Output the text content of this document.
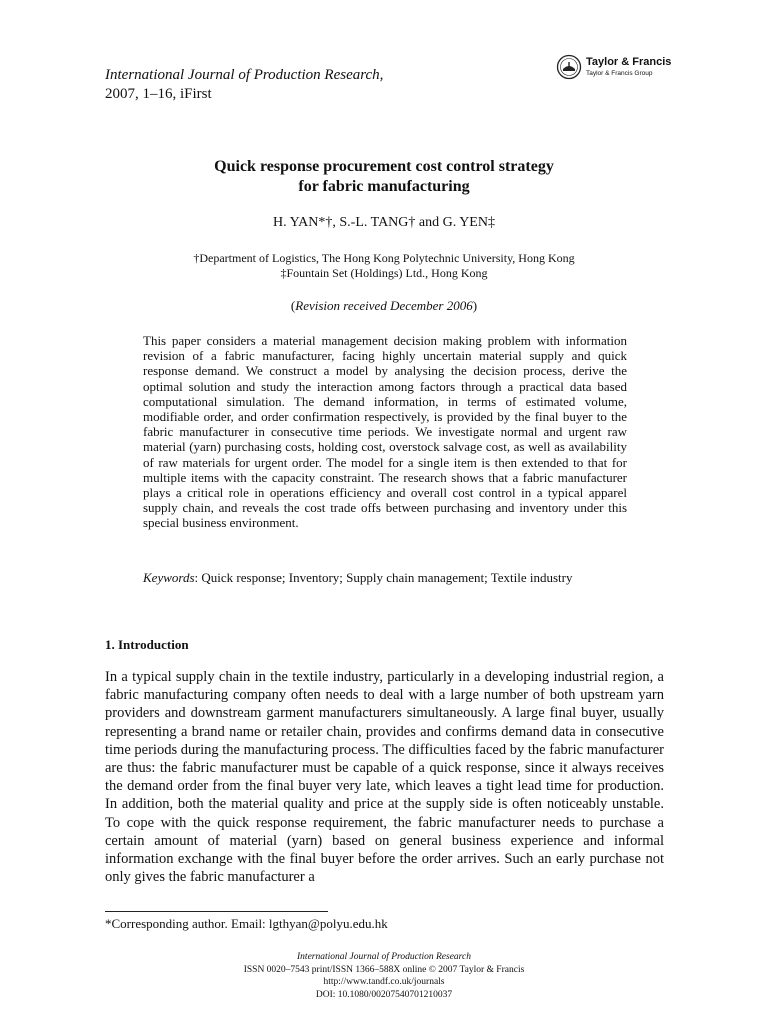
International Journal of Production Research,
2007, 1–16, iFirst
Taylor & Francis
Taylor & Francis Group
Quick response procurement cost control strategy
for fabric manufacturing
H. YAN*†, S.-L. TANG† and G. YEN‡
†Department of Logistics, The Hong Kong Polytechnic University, Hong Kong
‡Fountain Set (Holdings) Ltd., Hong Kong
(Revision received December 2006)
This paper considers a material management decision making problem with information revision of a fabric manufacturer, facing highly uncertain material supply and quick response demand. We construct a model by analysing the decision process, derive the optimal solution and study the interaction among factors through a practical data based computational simulation. The demand information, in terms of estimated volume, modifiable order, and order confirmation respectively, is provided by the final buyer to the fabric manufacturer in consecutive time periods. We investigate normal and urgent raw material (yarn) purchasing costs, holding cost, overstock salvage cost, as well as availability of raw materials for urgent order. The model for a single item is then extended to that for multiple items with the capacity constraint. The research shows that a fabric manufacturer plays a critical role in operations efficiency and overall cost control in a typical apparel supply chain, and reveals the cost trade offs between purchasing and inventory under this special business environment.
Keywords: Quick response; Inventory; Supply chain management; Textile industry
1. Introduction
In a typical supply chain in the textile industry, particularly in a developing industrial region, a fabric manufacturing company often needs to deal with a large number of both upstream yarn providers and downstream garment manufacturers simultaneously. A large final buyer, usually representing a brand name or retailer chain, provides and confirms demand data in consecutive time periods during the manufacturing process. The difficulties faced by the fabric manufacturer are thus: the fabric manufacturer must be capable of a quick response, since it always receives the demand order from the final buyer very late, which leaves a tight lead time for production. In addition, both the material quality and price at the supply side is often noticeably unstable. To cope with the quick response requirement, the fabric manufacturer needs to purchase a certain amount of material (yarn) based on general business experience and informal information exchange with the final buyer before the order arrives. Such an early purchase not only gives the fabric manufacturer a
*Corresponding author. Email: lgthyan@polyu.edu.hk
International Journal of Production Research
ISSN 0020–7543 print/ISSN 1366–588X online © 2007 Taylor & Francis
http://www.tandf.co.uk/journals
DOI: 10.1080/00207540701210037
